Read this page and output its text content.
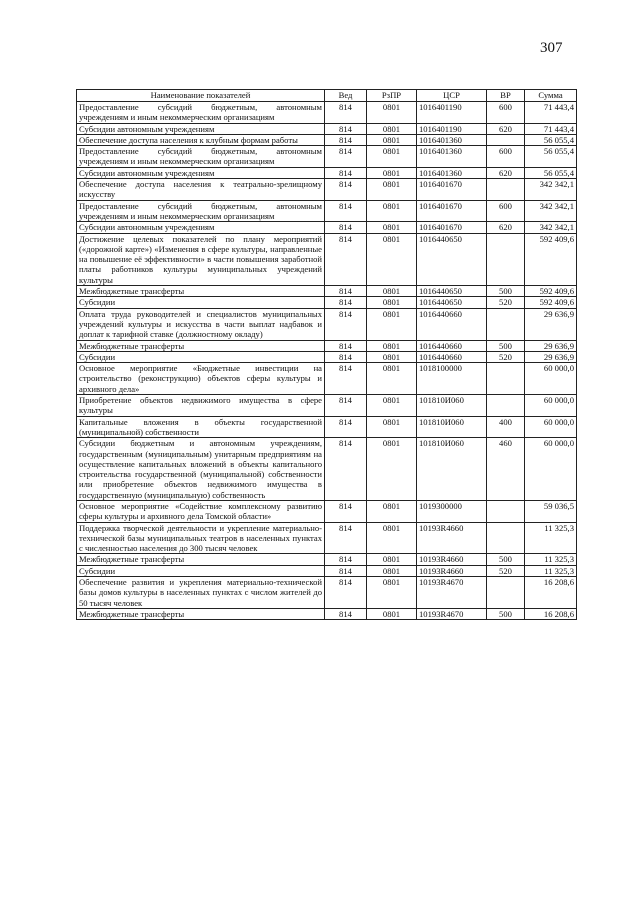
307
Наименование показателей	Вед	РзПР	ЦСР	ВР	Сумма
Предоставление субсидий бюджетным, автономным учреждениям и иным некоммерческим организациям	814	0801	1016401190	600	71 443,4
Субсидии автономным учреждениям	814	0801	1016401190	620	71 443,4
Обеспечение доступа населения к клубным формам работы	814	0801	1016401360		56 055,4
Предоставление субсидий бюджетным, автономным учреждениям и иным некоммерческим организациям	814	0801	1016401360	600	56 055,4
Субсидии автономным учреждениям	814	0801	1016401360	620	56 055,4
Обеспечение доступа населения к театрально-зрелищному искусству	814	0801	1016401670		342 342,1
Предоставление субсидий бюджетным, автономным учреждениям и иным некоммерческим организациям	814	0801	1016401670	600	342 342,1
Субсидии автономным учреждениям	814	0801	1016401670	620	342 342,1
Достижение целевых показателей по плану мероприятий («дорожной карте») «Изменения в сфере культуры, направленные на повышение её эффективности» в части повышения заработной платы работников культуры муниципальных учреждений культуры	814	0801	1016440650		592 409,6
Межбюджетные трансферты	814	0801	1016440650	500	592 409,6
Субсидии	814	0801	1016440650	520	592 409,6
Оплата труда руководителей и специалистов муниципальных учреждений культуры и искусства в части выплат надбавок и доплат к тарифной ставке (должностному окладу)	814	0801	1016440660		29 636,9
Межбюджетные трансферты	814	0801	1016440660	500	29 636,9
Субсидии	814	0801	1016440660	520	29 636,9
Основное мероприятие «Бюджетные инвестиции на строительство (реконструкцию) объектов сферы культуры и архивного дела»	814	0801	1018100000		60 000,0
Приобретение объектов недвижимого имущества в сфере культуры	814	0801	101810И060		60 000,0
Капитальные вложения в объекты государственной (муниципальной) собственности	814	0801	101810И060	400	60 000,0
Субсидии бюджетным и автономным учреждениям, государственным (муниципальным) унитарным предприятиям на осуществление капитальных вложений в объекты капитального строительства государственной (муниципальной) собственности или приобретение объектов недвижимого имущества в государственную (муниципальную) собственность	814	0801	101810И060	460	60 000,0
Основное мероприятие «Содействие комплексному развитию сферы культуры и архивного дела Томской области»	814	0801	1019300000		59 036,5
Поддержка творческой деятельности и укрепление материально-технической базы муниципальных театров в населенных пунктах с численностью населения до 300 тысяч человек	814	0801	10193R4660		11 325,3
Межбюджетные трансферты	814	0801	10193R4660	500	11 325,3
Субсидии	814	0801	10193R4660	520	11 325,3
Обеспечение развития и укрепления материально-технической базы домов культуры в населенных пунктах с числом жителей до 50 тысяч человек	814	0801	10193R4670		16 208,6
Межбюджетные трансферты	814	0801	10193R4670	500	16 208,6
